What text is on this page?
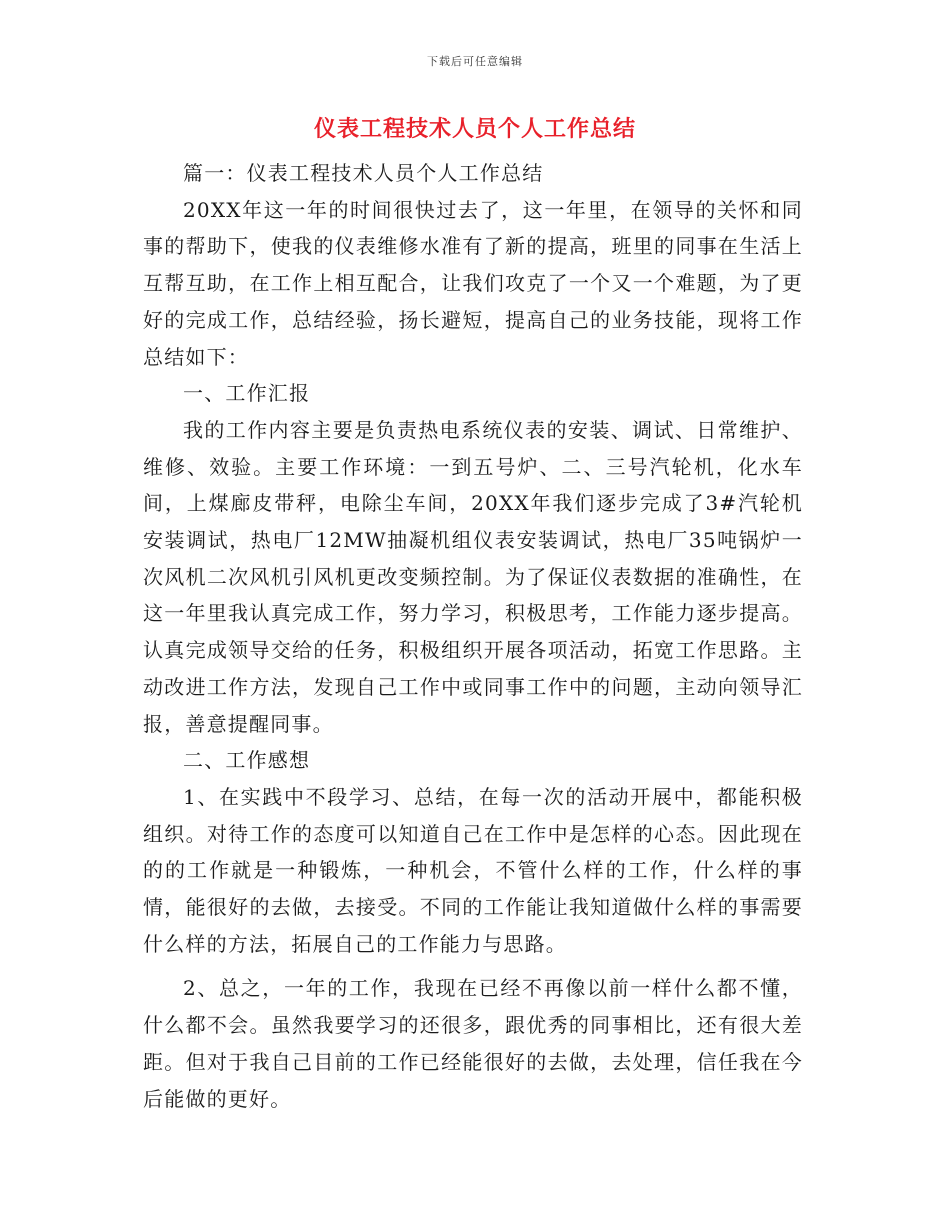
下载后可任意编辑
仪表工程技术人员个人工作总结

篇一：仪表工程技术人员个人工作总结

20XX年这一年的时间很快过去了，这一年里，在领导的关怀和同事的帮助下，使我的仪表维修水准有了新的提高，班里的同事在生活上互帮互助，在工作上相互配合，让我们攻克了一个又一个难题，为了更好的完成工作，总结经验，扬长避短，提高自己的业务技能，现将工作总结如下：

一、工作汇报

我的工作内容主要是负责热电系统仪表的安装、调试、日常维护、维修、效验。主要工作环境：一到五号炉、二、三号汽轮机，化水车间，上煤廊皮带秤，电除尘车间，20XX年我们逐步完成了3#汽轮机安装调试，热电厂12MW抽凝机组仪表安装调试，热电厂35吨锅炉一次风机二次风机引风机更改变频控制。为了保证仪表数据的准确性，在这一年里我认真完成工作，努力学习，积极思考，工作能力逐步提高。认真完成领导交给的任务，积极组织开展各项活动，拓宽工作思路。主动改进工作方法，发现自己工作中或同事工作中的问题，主动向领导汇报，善意提醒同事。

二、工作感想

1、在实践中不段学习、总结，在每一次的活动开展中，都能积极组织。对待工作的态度可以知道自己在工作中是怎样的心态。因此现在的的工作就是一种锻炼，一种机会，不管什么样的工作，什么样的事情，能很好的去做，去接受。不同的工作能让我知道做什么样的事需要什么样的方法，拓展自己的工作能力与思路。

2、总之，一年的工作，我现在已经不再像以前一样什么都不懂，什么都不会。虽然我要学习的还很多，跟优秀的同事相比，还有很大差距。但对于我自己目前的工作已经能很好的去做，去处理，信任我在今后能做的更好。
